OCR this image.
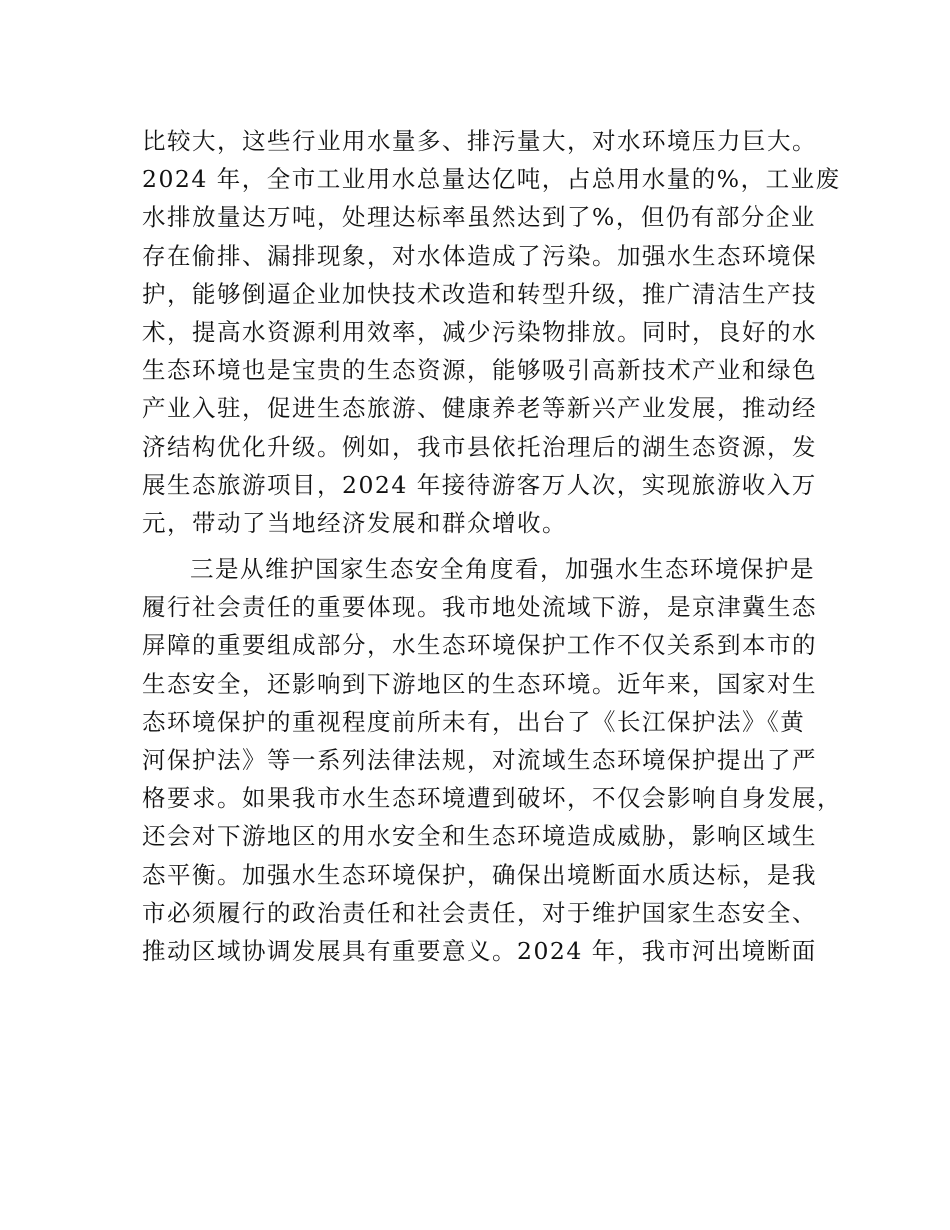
比较大，这些行业用水量多、排污量大，对水环境压力巨大。
2024 年，全市工业用水总量达亿吨，占总用水量的%，工业废
水排放量达万吨，处理达标率虽然达到了%，但仍有部分企业
存在偷排、漏排现象，对水体造成了污染。加强水生态环境保
护，能够倒逼企业加快技术改造和转型升级，推广清洁生产技
术，提高水资源利用效率，减少污染物排放。同时，良好的水
生态环境也是宝贵的生态资源，能够吸引高新技术产业和绿色
产业入驻，促进生态旅游、健康养老等新兴产业发展，推动经
济结构优化升级。例如，我市县依托治理后的湖生态资源，发
展生态旅游项目，2024 年接待游客万人次，实现旅游收入万
元，带动了当地经济发展和群众增收。
三是从维护国家生态安全角度看，加强水生态环境保护是
履行社会责任的重要体现。我市地处流域下游，是京津冀生态
屏障的重要组成部分，水生态环境保护工作不仅关系到本市的
生态安全，还影响到下游地区的生态环境。近年来，国家对生
态环境保护的重视程度前所未有，出台了《长江保护法》《黄
河保护法》等一系列法律法规，对流域生态环境保护提出了严
格要求。如果我市水生态环境遭到破坏，不仅会影响自身发展，
还会对下游地区的用水安全和生态环境造成威胁，影响区域生
态平衡。加强水生态环境保护，确保出境断面水质达标，是我
市必须履行的政治责任和社会责任，对于维护国家生态安全、
推动区域协调发展具有重要意义。2024 年，我市河出境断面
